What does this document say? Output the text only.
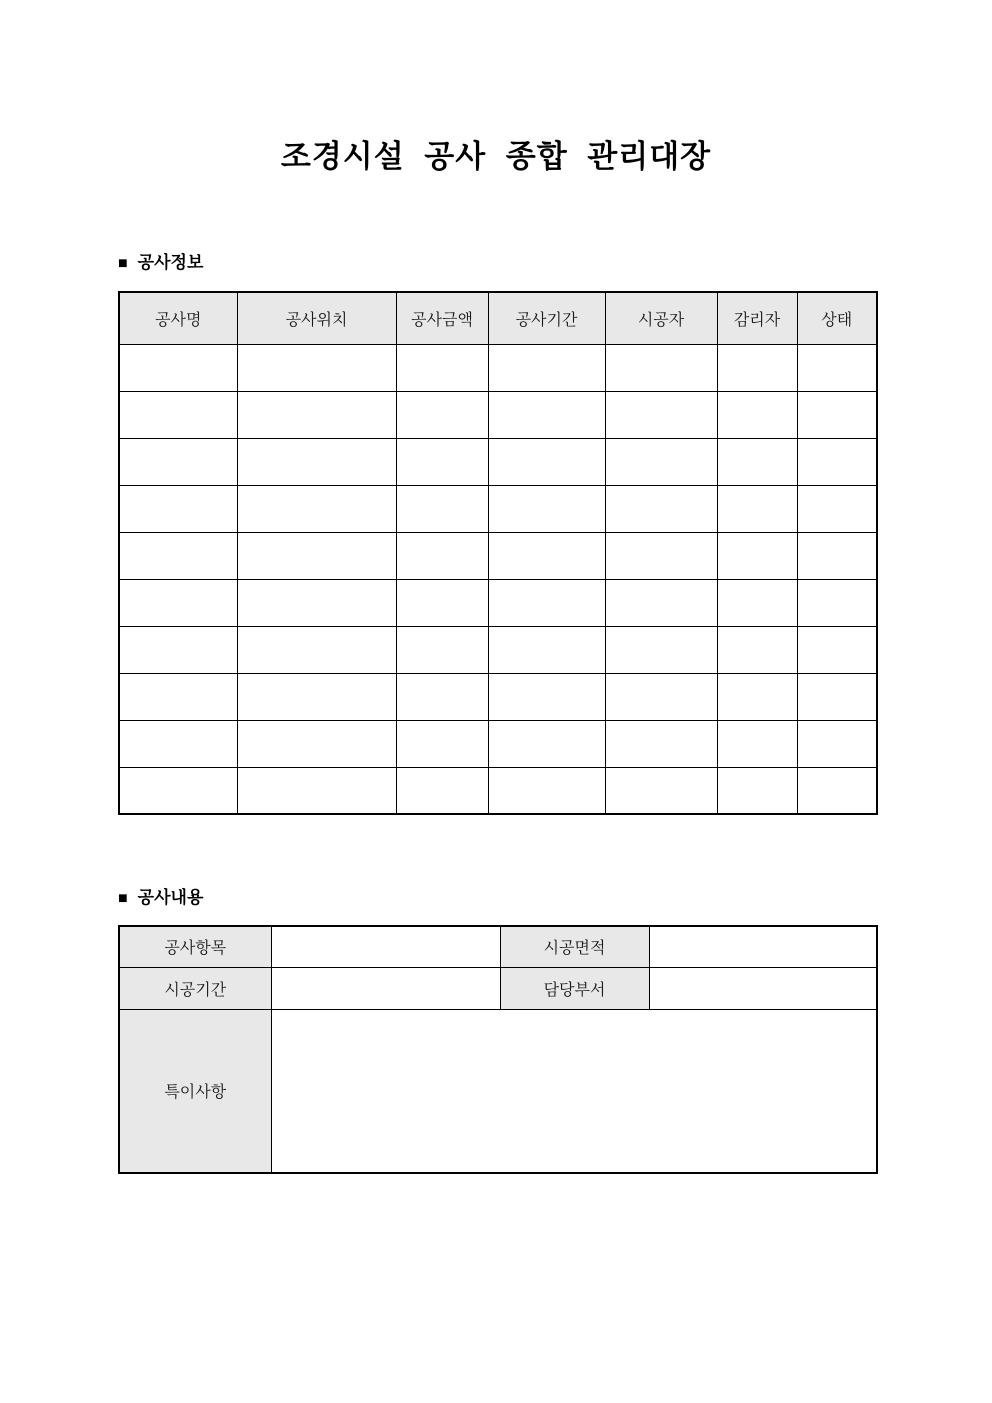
조경시설 공사 종합 관리대장
■ 공사정보
공사명	공사위치	공사금액	공사기간	시공자	감리자	상태

■ 공사내용
공사항목		시공면적	
시공기간		담당부서	
특이사항			
